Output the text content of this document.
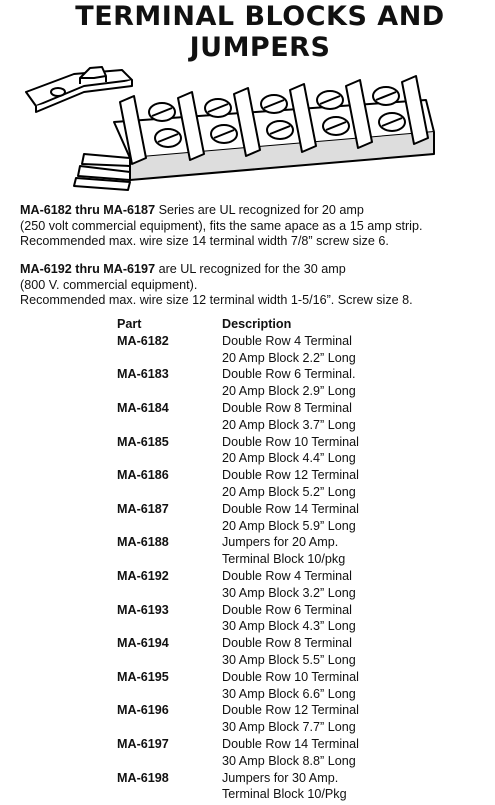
TERMINAL BLOCKS AND
JUMPERS

MA-6182 thru MA-6187 Series are UL recognized for 20 amp
(250 volt commercial equipment), fits the same apace as a 15 amp strip.
Recommended max. wire size 14 terminal width 7/8” screw size 6.

MA-6192 thru MA-6197 are UL recognized for the 30 amp
(800 V. commercial equipment).
Recommended max. wire size 12 terminal width 1-5/16”. Screw size 8.

Part	Description
MA-6182	Double Row 4 Terminal
20 Amp Block 2.2” Long
MA-6183	Double Row 6 Terminal.
20 Amp Block 2.9” Long
MA-6184	Double Row 8 Terminal
20 Amp Block 3.7” Long
MA-6185	Double Row 10 Terminal
20 Amp Block 4.4” Long
MA-6186	Double Row 12 Terminal
20 Amp Block 5.2” Long
MA-6187	Double Row 14 Terminal
20 Amp Block 5.9” Long
MA-6188	Jumpers for 20 Amp.
Terminal Block 10/pkg
MA-6192	Double Row 4 Terminal
30 Amp Block 3.2” Long
MA-6193	Double Row 6 Terminal
30 Amp Block 4.3” Long
MA-6194	Double Row 8 Terminal
30 Amp Block 5.5” Long
MA-6195	Double Row 10 Terminal
30 Amp Block 6.6” Long
MA-6196	Double Row 12 Terminal
30 Amp Block 7.7” Long
MA-6197	Double Row 14 Terminal
30 Amp Block 8.8” Long
MA-6198	Jumpers for 30 Amp.
Terminal Block 10/Pkg
